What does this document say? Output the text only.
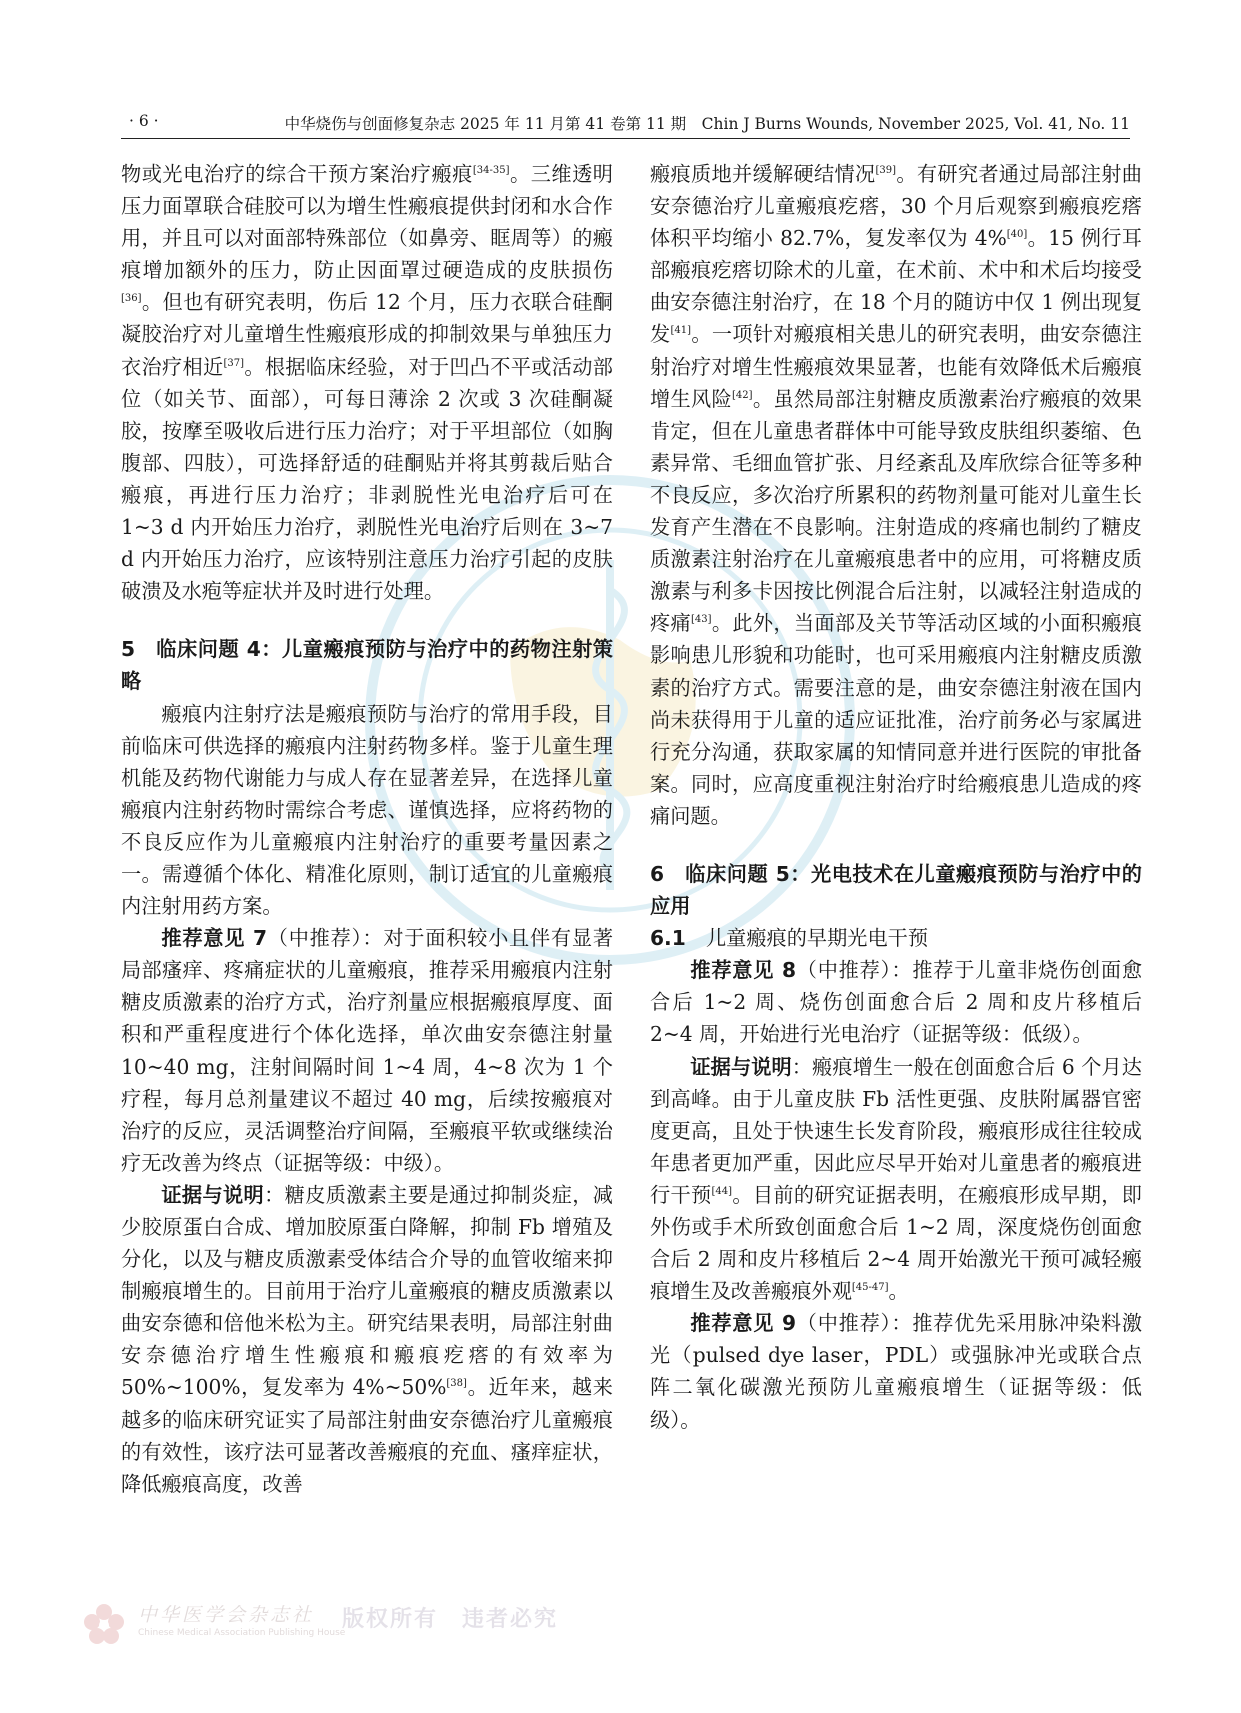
· 6 ·	中华烧伤与创面修复杂志 2025 年 11 月第 41 卷第 11 期　Chin J Burns Wounds, November 2025, Vol. 41, No. 11

物或光电治疗的综合干预方案治疗瘢痕[34-35]。三维透明压力面罩联合硅胶可以为增生性瘢痕提供封闭和水合作用，并且可以对面部特殊部位（如鼻旁、眶周等）的瘢痕增加额外的压力，防止因面罩过硬造成的皮肤损伤[36]。但也有研究表明，伤后 12 个月，压力衣联合硅酮凝胶治疗对儿童增生性瘢痕形成的抑制效果与单独压力衣治疗相近[37]。根据临床经验，对于凹凸不平或活动部位（如关节、面部），可每日薄涂 2 次或 3 次硅酮凝胶，按摩至吸收后进行压力治疗；对于平坦部位（如胸腹部、四肢），可选择舒适的硅酮贴并将其剪裁后贴合瘢痕，再进行压力治疗；非剥脱性光电治疗后可在 1~3 d 内开始压力治疗，剥脱性光电治疗后则在 3~7 d 内开始压力治疗，应该特别注意压力治疗引起的皮肤破溃及水疱等症状并及时进行处理。

5　临床问题 4：儿童瘢痕预防与治疗中的药物注射策略

瘢痕内注射疗法是瘢痕预防与治疗的常用手段，目前临床可供选择的瘢痕内注射药物多样。鉴于儿童生理机能及药物代谢能力与成人存在显著差异，在选择儿童瘢痕内注射药物时需综合考虑、谨慎选择，应将药物的不良反应作为儿童瘢痕内注射治疗的重要考量因素之一。需遵循个体化、精准化原则，制订适宜的儿童瘢痕内注射用药方案。

推荐意见 7（中推荐）：对于面积较小且伴有显著局部瘙痒、疼痛症状的儿童瘢痕，推荐采用瘢痕内注射糖皮质激素的治疗方式，治疗剂量应根据瘢痕厚度、面积和严重程度进行个体化选择，单次曲安奈德注射量 10~40 mg，注射间隔时间 1~4 周，4~8 次为 1 个疗程，每月总剂量建议不超过 40 mg，后续按瘢痕对治疗的反应，灵活调整治疗间隔，至瘢痕平软或继续治疗无改善为终点（证据等级：中级）。

证据与说明：糖皮质激素主要是通过抑制炎症，减少胶原蛋白合成、增加胶原蛋白降解，抑制 Fb 增殖及分化，以及与糖皮质激素受体结合介导的血管收缩来抑制瘢痕增生的。目前用于治疗儿童瘢痕的糖皮质激素以曲安奈德和倍他米松为主。研究结果表明，局部注射曲安奈德治疗增生性瘢痕和瘢痕疙瘩的有效率为 50%~100%，复发率为 4%~50%[38]。近年来，越来越多的临床研究证实了局部注射曲安奈德治疗儿童瘢痕的有效性，该疗法可显著改善瘢痕的充血、瘙痒症状，降低瘢痕高度，改善

瘢痕质地并缓解硬结情况[39]。有研究者通过局部注射曲安奈德治疗儿童瘢痕疙瘩，30 个月后观察到瘢痕疙瘩体积平均缩小 82.7%，复发率仅为 4%[40]。15 例行耳部瘢痕疙瘩切除术的儿童，在术前、术中和术后均接受曲安奈德注射治疗，在 18 个月的随访中仅 1 例出现复发[41]。一项针对瘢痕相关患儿的研究表明，曲安奈德注射治疗对增生性瘢痕效果显著，也能有效降低术后瘢痕增生风险[42]。虽然局部注射糖皮质激素治疗瘢痕的效果肯定，但在儿童患者群体中可能导致皮肤组织萎缩、色素异常、毛细血管扩张、月经紊乱及库欣综合征等多种不良反应，多次治疗所累积的药物剂量可能对儿童生长发育产生潜在不良影响。注射造成的疼痛也制约了糖皮质激素注射治疗在儿童瘢痕患者中的应用，可将糖皮质激素与利多卡因按比例混合后注射，以减轻注射造成的疼痛[43]。此外，当面部及关节等活动区域的小面积瘢痕影响患儿形貌和功能时，也可采用瘢痕内注射糖皮质激素的治疗方式。需要注意的是，曲安奈德注射液在国内尚未获得用于儿童的适应证批准，治疗前务必与家属进行充分沟通，获取家属的知情同意并进行医院的审批备案。同时，应高度重视注射治疗时给瘢痕患儿造成的疼痛问题。

6　临床问题 5：光电技术在儿童瘢痕预防与治疗中的应用
6.1　儿童瘢痕的早期光电干预

推荐意见 8（中推荐）：推荐于儿童非烧伤创面愈合后 1~2 周、烧伤创面愈合后 2 周和皮片移植后 2~4 周，开始进行光电治疗（证据等级：低级）。

证据与说明：瘢痕增生一般在创面愈合后 6 个月达到高峰。由于儿童皮肤 Fb 活性更强、皮肤附属器官密度更高，且处于快速生长发育阶段，瘢痕形成往往较成年患者更加严重，因此应尽早开始对儿童患者的瘢痕进行干预[44]。目前的研究证据表明，在瘢痕形成早期，即外伤或手术所致创面愈合后 1~2 周，深度烧伤创面愈合后 2 周和皮片移植后 2~4 周开始激光干预可减轻瘢痕增生及改善瘢痕外观[45-47]。

推荐意见 9（中推荐）：推荐优先采用脉冲染料激光（pulsed dye laser，PDL）或强脉冲光或联合点阵二氧化碳激光预防儿童瘢痕增生（证据等级：低级）。

中华医学会杂志社
Chinese Medical Association Publishing House
版权所有　违者必究
